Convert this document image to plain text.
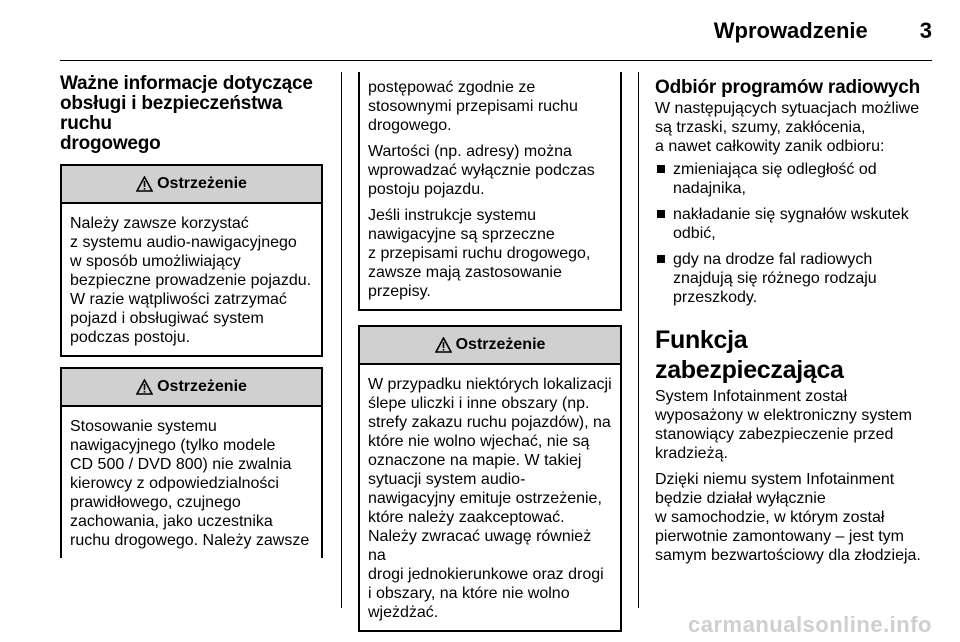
Wprowadzenie 3
Ważne informacje dotyczące
obsługi i bezpieczeństwa ruchu
drogowego
Ostrzeżenie
Należy zawsze korzystać
z systemu audio-nawigacyjnego
w sposób umożliwiający
bezpieczne prowadzenie pojazdu.
W razie wątpliwości zatrzymać
pojazd i obsługiwać system
podczas postoju.
Ostrzeżenie
Stosowanie systemu
nawigacyjnego (tylko modele
CD 500 / DVD 800) nie zwalnia
kierowcy z odpowiedzialności
prawidłowego, czujnego
zachowania, jako uczestnika
ruchu drogowego. Należy zawsze
postępować zgodnie ze
stosownymi przepisami ruchu
drogowego.
Wartości (np. adresy) można
wprowadzać wyłącznie podczas
postoju pojazdu.
Jeśli instrukcje systemu
nawigacyjne są sprzeczne
z przepisami ruchu drogowego,
zawsze mają zastosowanie
przepisy.
Ostrzeżenie
W przypadku niektórych lokalizacji
ślepe uliczki i inne obszary (np.
strefy zakazu ruchu pojazdów), na
które nie wolno wjechać, nie są
oznaczone na mapie. W takiej
sytuacji system audio-
nawigacyjny emituje ostrzeżenie,
które należy zaakceptować.
Należy zwracać uwagę również na
drogi jednokierunkowe oraz drogi
i obszary, na które nie wolno
wjeżdżać.
Odbiór programów radiowych
W następujących sytuacjach możliwe
są trzaski, szumy, zakłócenia,
a nawet całkowity zanik odbioru:
zmieniająca się odległość od
nadajnika,
nakładanie się sygnałów wskutek
odbić,
gdy na drodze fal radiowych
znajdują się różnego rodzaju
przeszkody.
Funkcja zabezpieczająca
System Infotainment został
wyposażony w elektroniczny system
stanowiący zabezpieczenie przed
kradzieżą.
Dzięki niemu system Infotainment
będzie działał wyłącznie
w samochodzie, w którym został
pierwotnie zamontowany – jest tym
samym bezwartościowy dla złodzieja.
carmanualsonline.info
